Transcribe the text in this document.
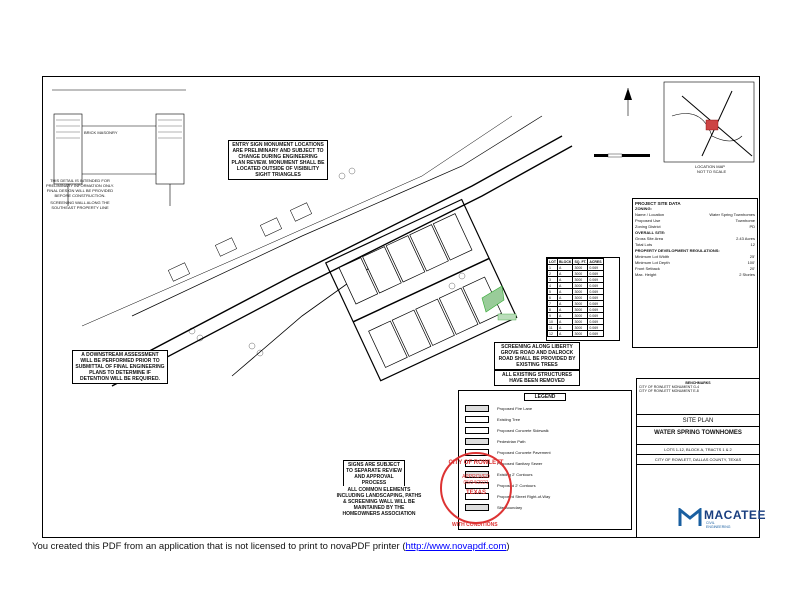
THIS DETAIL IS INTENDED FOR PRELIMINARY INFORMATION ONLY. FINAL DESIGN WILL BE PROVIDED BEFORE CONSTRUCTION.
SCREENING WALL ALONG THE SOUTHEAST PROPERTY LINE
BRICK MASONRY
ENTRY SIGN MONUMENT LOCATIONS ARE PRELIMINARY AND SUBJECT TO CHANGE DURING ENGINEERING PLAN REVIEW. MONUMENT SHALL BE LOCATED OUTSIDE OF VISIBILITY SIGHT TRIANGLES
A DOWNSTREAM ASSESSMENT WILL BE PERFORMED PRIOR TO SUBMITTAL OF FINAL ENGINEERING PLANS TO DETERMINE IF DETENTION WILL BE REQUIRED.
SCREENING ALONG LIBERTY GROVE ROAD AND DALROCK ROAD SHALL BE PROVIDED BY EXISTING TREES
ALL EXISTING STRUCTURES HAVE BEEN REMOVED
SIGNS ARE SUBJECT TO SEPARATE REVIEW AND APPROVAL PROCESS
ALL COMMON ELEMENTS INCLUDING LANDSCAPING, PATHS & SCREENING WALL WILL BE MAINTAINED BY THE HOMEOWNERS ASSOCIATION
PROJECT SITE DATA
ZONING:
Name / Location	Water Spring Townhomes
Proposed Use	Townhome
Zoning District	PD
OVERALL SITE:
Gross Site Area	2.43 Acres
Total Lots	12
PROPERTY DEVELOPMENT REGULATIONS:
Minimum Lot Width	25'
Minimum Lot Depth	100'
Front Setback	20'
Max. Height	2 Stories
LOT	BLOCK	SQ. FT.	ACRES
1	A	3000	0.069
2	A	3000	0.069
3	A	3000	0.069
4	A	3000	0.069
5	A	3000	0.069
6	A	3000	0.069
7	A	3000	0.069
8	A	3000	0.069
9	A	3000	0.069
10	A	3000	0.069
11	A	3000	0.069
12	A	3000	0.069
LEGEND
Proposed Fire Lane
Existing Tree
Proposed Concrete Sidewalk
Pedestrian Path
Proposed Concrete Pavement
Proposed Sanitary Sewer
Existing 2' Contours
Proposed 2' Contours
Proposed Street Right-of-Way
Site Boundary
BENCHMARKS
CITY OF ROWLETT MONUMENT G-4
CITY OF ROWLETT MONUMENT E-8
SITE PLAN
WATER SPRING TOWNHOMES
LOTS 1-12, BLOCK A, TRACTS 1 & 2
CITY OF ROWLETT, DALLAS COUNTY, TEXAS
MACATEE
CIVIL ENGINEERING
CITY OF ROWLETT
APPROVED
05/04/2021
TEXAS
WITH CONDITIONS
LOCATION MAP
NOT TO SCALE
You created this PDF from an application that is not licensed to print to novaPDF printer (http://www.novapdf.com)
